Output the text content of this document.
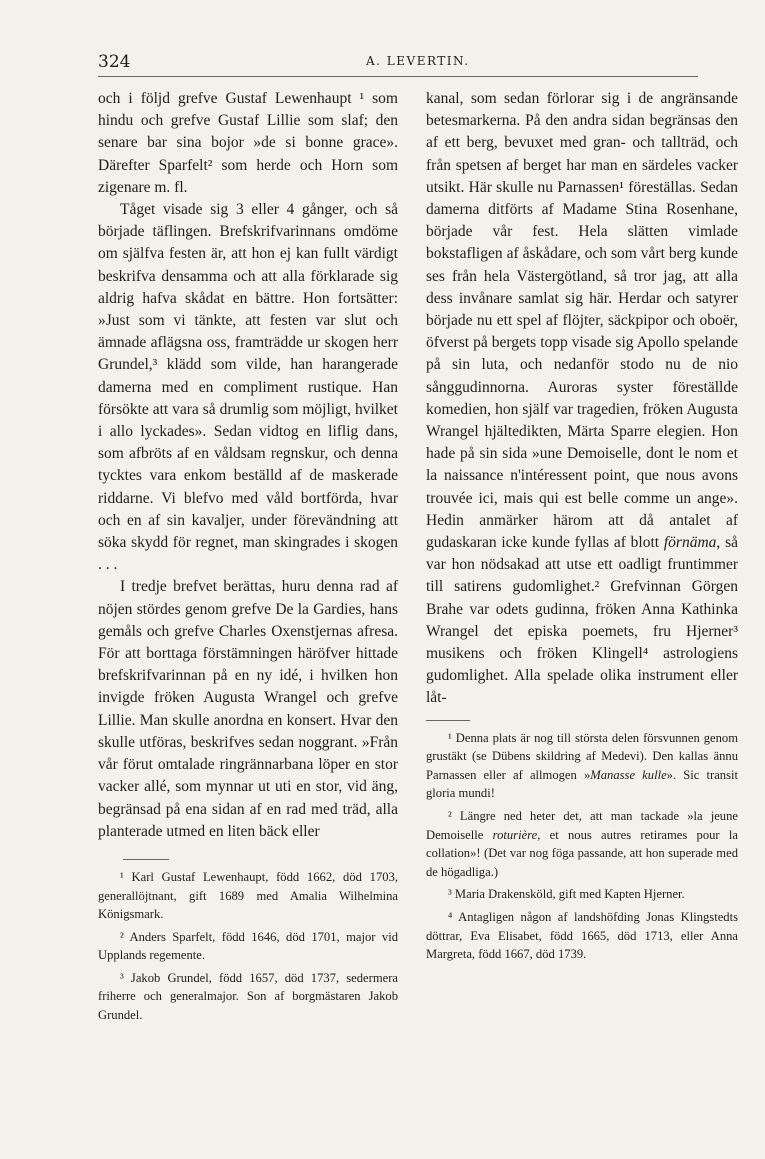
324	A. LEVERTIN.

och i följd grefve Gustaf Lewenhaupt ¹ som hindu och grefve Gustaf Lillie som slaf; den senare bar sina bojor »de si bonne grace». Därefter Sparfelt² som herde och Horn som zigenare m. fl.

Tåget visade sig 3 eller 4 gånger, och så började täflingen. Brefskrifvarinnans omdöme om själfva festen är, att hon ej kan fullt värdigt beskrifva densamma och att alla förklarade sig aldrig hafva skådat en bättre. Hon fortsätter: »Just som vi tänkte, att festen var slut och ämnade aflägsna oss, framträdde ur skogen herr Grundel,³ klädd som vilde, han harangerade damerna med en compliment rustique. Han försökte att vara så drumlig som möjligt, hvilket i allo lyckades». Sedan vidtog en liflig dans, som afbröts af en våldsam regnskur, och denna tycktes vara enkom beställd af de maskerade riddarne. Vi blefvo med våld bortförda, hvar och en af sin kavaljer, under förevändning att söka skydd för regnet, man skingrades i skogen . . .

I tredje brefvet berättas, huru denna rad af nöjen stördes genom grefve De la Gardies, hans gemåls och grefve Charles Oxenstjernas afresa. För att borttaga förstämningen häröfver hittade brefskrifvarinnan på en ny idé, i hvilken hon invigde fröken Augusta Wrangel och grefve Lillie. Man skulle anordna en konsert. Hvar den skulle utföras, beskrifves sedan noggrant. »Från vår förut omtalade ringrännarbana löper en stor vacker allé, som mynnar ut uti en stor, vid äng, begränsad på ena sidan af en rad med träd, alla planterade utmed en liten bäck eller

¹ Karl Gustaf Lewenhaupt, född 1662, död 1703, generallöjtnant, gift 1689 med Amalia Wilhelmina Königsmark.

² Anders Sparfelt, född 1646, död 1701, major vid Upplands regemente.

³ Jakob Grundel, född 1657, död 1737, sedermera friherre och generalmajor. Son af borgmästaren Jakob Grundel.

kanal, som sedan förlorar sig i de angränsande betesmarkerna. På den andra sidan begränsas den af ett berg, bevuxet med gran- och tallträd, och från spetsen af berget har man en särdeles vacker utsikt. Här skulle nu Parnassen¹ föreställas. Sedan damerna ditförts af Madame Stina Rosenhane, började vår fest. Hela slätten vimlade bokstafligen af åskådare, och som vårt berg kunde ses från hela Västergötland, så tror jag, att alla dess invånare samlat sig här. Herdar och satyrer började nu ett spel af flöjter, säckpipor och oboër, öfverst på bergets topp visade sig Apollo spelande på sin luta, och nedanför stodo nu de nio sånggudinnorna. Auroras syster föreställde komedien, hon själf var tragedien, fröken Augusta Wrangel hjältedikten, Märta Sparre elegien. Hon hade på sin sida »une Demoiselle, dont le nom et la naissance n'intéressent point, que nous avons trouvée ici, mais qui est belle comme un ange». Hedin anmärker härom att då antalet af gudaskaran icke kunde fyllas af blott förnäma, så var hon nödsakad att utse ett oadligt fruntimmer till satirens gudomlighet.² Grefvinnan Görgen Brahe var odets gudinna, fröken Anna Kathinka Wrangel det episka poemets, fru Hjerner³ musikens och fröken Klingell⁴ astrologiens gudomlighet. Alla spelade olika instrument eller låt-

¹ Denna plats är nog till största delen försvunnen genom grustäkt (se Dübens skildring af Medevi). Den kallas ännu Parnassen eller af allmogen »Manasse kulle». Sic transit gloria mundi!

² Längre ned heter det, att man tackade »la jeune Demoiselle roturière, et nous autres retirames pour la collation»! (Det var nog föga passande, att hon superade med de högadliga.)

³ Maria Drakensköld, gift med Kapten Hjerner.

⁴ Antagligen någon af landshöfding Jonas Klingstedts döttrar, Eva Elisabet, född 1665, död 1713, eller Anna Margreta, född 1667, död 1739.
